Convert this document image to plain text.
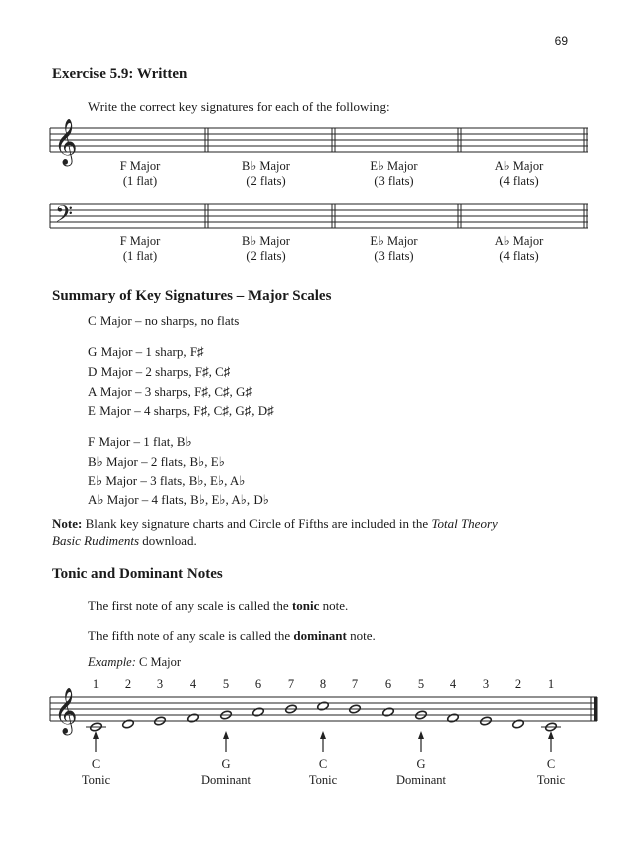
69
Exercise 5.9: Written
Write the correct key signatures for each of the following:
𝄞
𝄢
𝄞
F Major
(1 flat)
B♭ Major
(2 flats)
E♭ Major
(3 flats)
A♭ Major
(4 flats)
F Major
(1 flat)
B♭ Major
(2 flats)
E♭ Major
(3 flats)
A♭ Major
(4 flats)
Summary of Key Signatures – Major Scales
C Major – no sharps, no flats
G Major – 1 sharp, F♯
D Major – 2 sharps, F♯, C♯
A Major – 3 sharps, F♯, C♯, G♯
E Major – 4 sharps, F♯, C♯, G♯, D♯
F Major – 1 flat, B♭
B♭ Major – 2 flats, B♭, E♭
E♭ Major – 3 flats, B♭, E♭, A♭
A♭ Major – 4 flats, B♭, E♭, A♭, D♭
Note: Blank key signature charts and Circle of Fifths are included in the Total Theory
Basic Rudiments download.
Tonic and Dominant Notes
The first note of any scale is called the tonic note.
The fifth note of any scale is called the dominant note.
Example: C Major
1 2 3 4 5 6 7 8 7 6 5 4 3 2 1
C
Tonic
G
Dominant
C
Tonic
G
Dominant
C
Tonic
